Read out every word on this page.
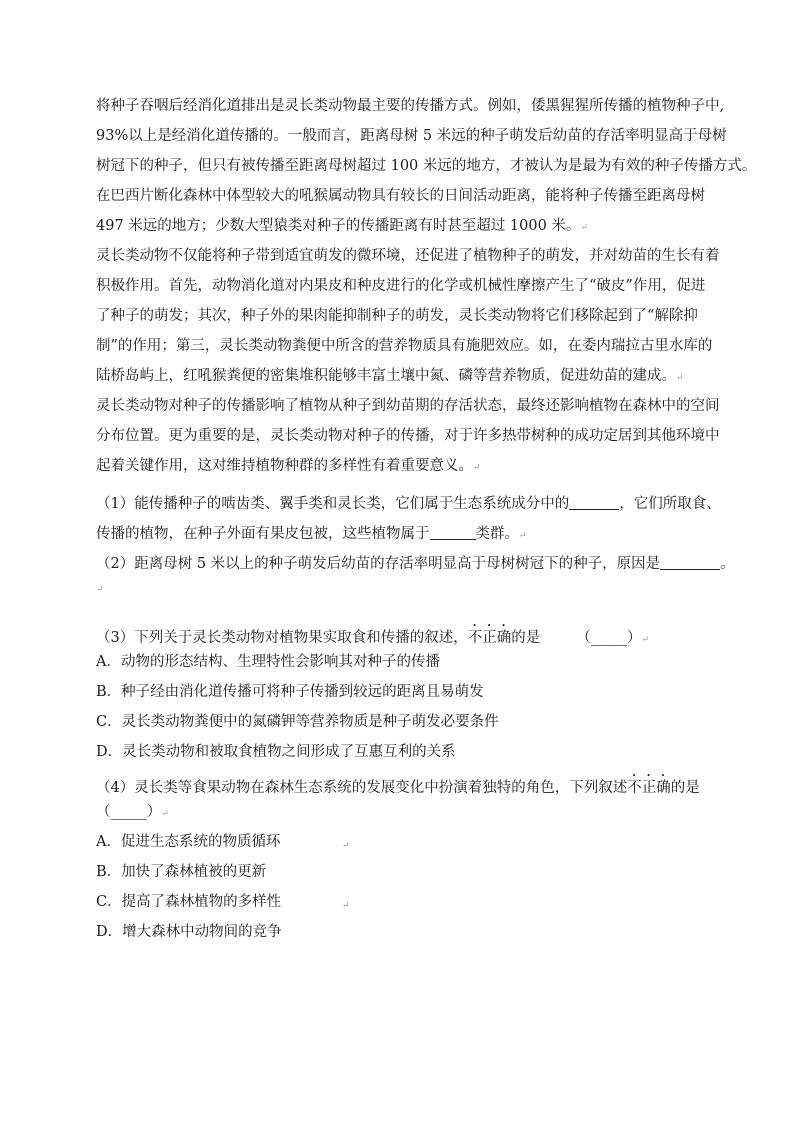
将种子吞咽后经消化道排出是灵长类动物最主要的传播方式。例如，倭黑猩猩所传播的植物种子中,
93%以上是经消化道传播的。一般而言，距离母树 5 米远的种子萌发后幼苗的存活率明显高于母树
树冠下的种子，但只有被传播至距离母树超过 100 米远的地方，才被认为是最为有效的种子传播方式。
在巴西片断化森林中体型较大的吼猴属动物具有较长的日间活动距离，能将种子传播至距离母树
497 米远的地方；少数大型猿类对种子的传播距离有时甚至超过 1000 米。↵
灵长类动物不仅能将种子带到适宜萌发的微环境，还促进了植物种子的萌发，并对幼苗的生长有着
积极作用。首先，动物消化道对内果皮和种皮进行的化学或机械性摩擦产生了“破皮”作用，促进
了种子的萌发；其次，种子外的果肉能抑制种子的萌发，灵长类动物将它们移除起到了“解除抑
制”的作用；第三，灵长类动物粪便中所含的营养物质具有施肥效应。如，在委内瑞拉古里水库的
陆桥岛屿上，红吼猴粪便的密集堆积能够丰富土壤中氮、磷等营养物质，促进幼苗的建成。↵
灵长类动物对种子的传播影响了植物从种子到幼苗期的存活状态，最终还影响植物在森林中的空间
分布位置。更为重要的是，灵长类动物对种子的传播，对于许多热带树种的成功定居到其他环境中
起着关键作用，这对维持植物种群的多样性有着重要意义。↵
（1）能传播种子的啮齿类、翼手类和灵长类，它们属于生态系统成分中的	，它们所取食、
传播的植物，在种子外面有果皮包被，这些植物属于	类群。↵
（2）距离母树 5 米以上的种子萌发后幼苗的存活率明显高于母树树冠下的种子，原因是	。
↵
（3）下列关于灵长类动物对植物果实取食和传播的叙述，不正确的是 （_____）↵
A．动物的形态结构、生理特性会影响其对种子的传播
B．种子经由消化道传播可将种子传播到较远的距离且易萌发
C．灵长类动物粪便中的氮磷钾等营养物质是种子萌发必要条件
D．灵长类动物和被取食植物之间形成了互惠互利的关系
（4）灵长类等食果动物在森林生态系统的发展变化中扮演着独特的角色，下列叙述不正确的是
（_____）↵
A．促进生态系统的物质循环	↵
B．加快了森林植被的更新
C．提高了森林植物的多样性	↵
D．增大森林中动物间的竞争
